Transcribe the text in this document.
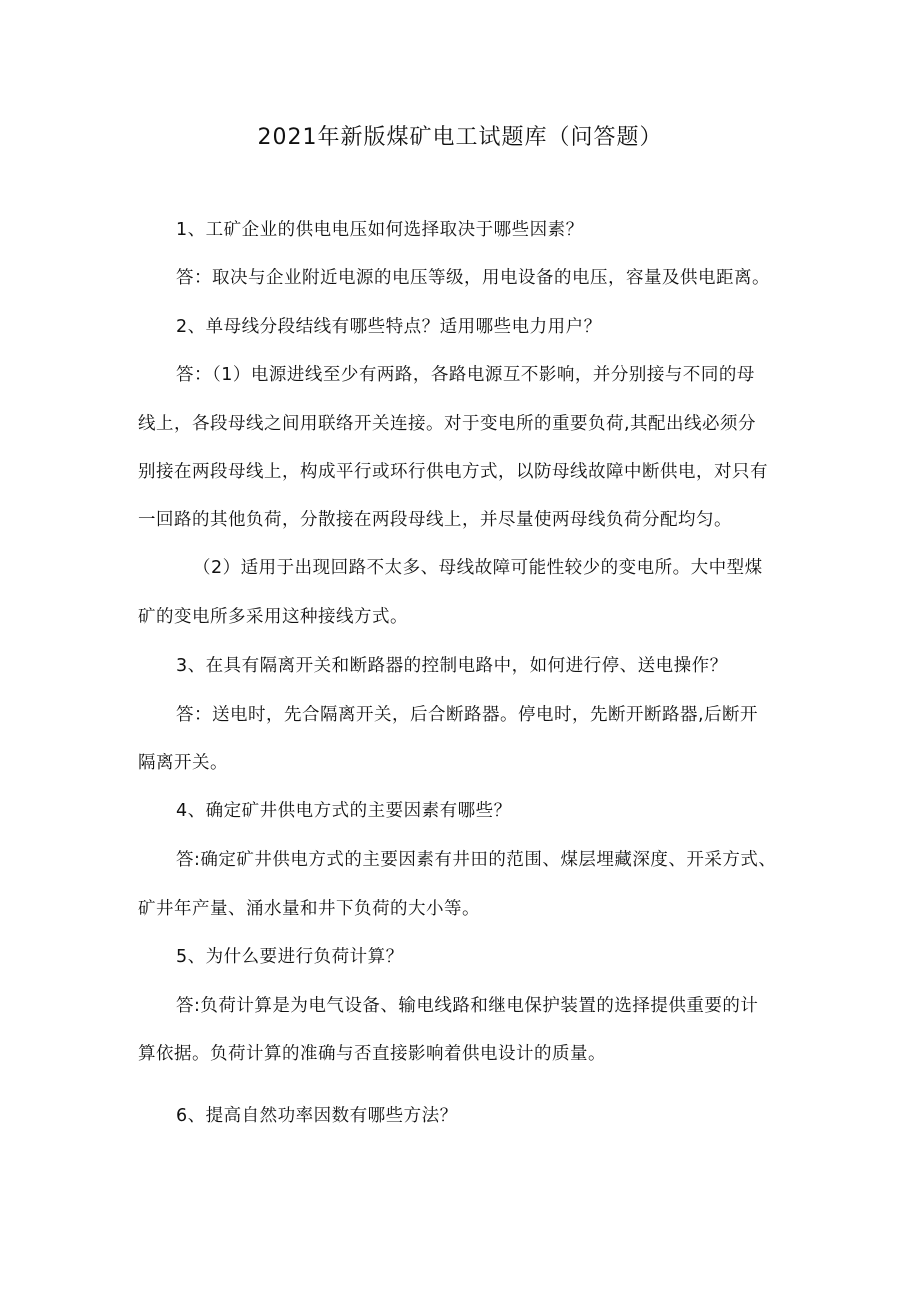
2021年新版煤矿电工试题库（问答题）
1、工矿企业的供电电压如何选择取决于哪些因素？
答：取决与企业附近电源的电压等级，用电设备的电压，容量及供电距离。
2、单母线分段结线有哪些特点？适用哪些电力用户？
答：（1）电源进线至少有两路，各路电源互不影响，并分别接与不同的母
线上，各段母线之间用联络开关连接。对于变电所的重要负荷,其配出线必须分
别接在两段母线上，构成平行或环行供电方式，以防母线故障中断供电，对只有
一回路的其他负荷，分散接在两段母线上，并尽量使两母线负荷分配均匀。
（2）适用于出现回路不太多、母线故障可能性较少的变电所。大中型煤
矿的变电所多采用这种接线方式。
3、在具有隔离开关和断路器的控制电路中，如何进行停、送电操作？
答：送电时，先合隔离开关，后合断路器。停电时，先断开断路器,后断开
隔离开关。
4、确定矿井供电方式的主要因素有哪些？
答:确定矿井供电方式的主要因素有井田的范围、煤层埋藏深度、开采方式、
矿井年产量、涌水量和井下负荷的大小等。
5、为什么要进行负荷计算？
答:负荷计算是为电气设备、输电线路和继电保护装置的选择提供重要的计
算依据。负荷计算的准确与否直接影响着供电设计的质量。
6、提高自然功率因数有哪些方法？
